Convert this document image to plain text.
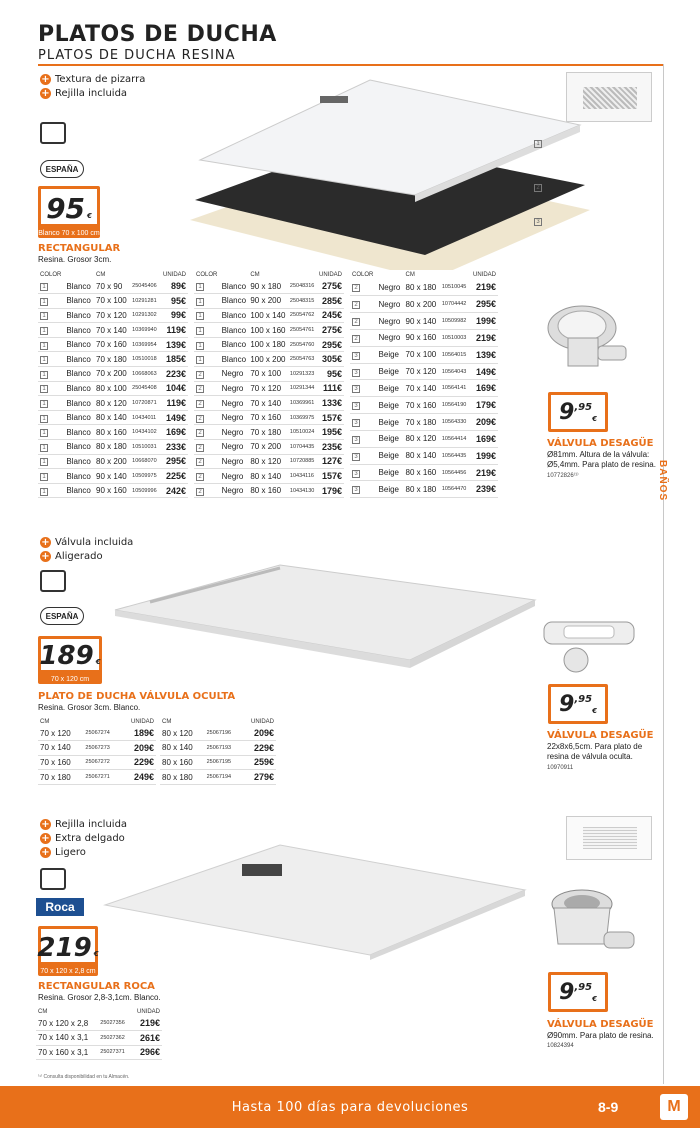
PLATOS DE DUCHA
PLATOS DE DUCHA RESINA
BAÑOS
+ Textura de pizarra
+ Rejilla incluida
ESPAÑA
1
2
3
95 €
Blanco 70 x 100 cm
RECTANGULAR
Resina. Grosor 3cm.
COLOR		CM		UNIDAD
1	Blanco	70 x 90	25045406	89€
1	Blanco	70 x 100	10291281	95€
1	Blanco	70 x 120	10291302	99€
1	Blanco	70 x 140	10369940	119€
1	Blanco	70 x 160	10369954	139€
1	Blanco	70 x 180	10510018	185€
1	Blanco	70 x 200	10668063	223€
1	Blanco	80 x 100	25045408	104€
1	Blanco	80 x 120	10720871	119€
1	Blanco	80 x 140	10434011	149€
1	Blanco	80 x 160	10434102	169€
1	Blanco	80 x 180	10510031	233€
1	Blanco	80 x 200	10668070	295€
1	Blanco	90 x 140	10509975	225€
1	Blanco	90 x 160	10509996	242€
COLOR		CM		UNIDAD
1	Blanco	90 x 180	25048316	275€
1	Blanco	90 x 200	25048315	285€
1	Blanco	100 x 140	25054762	245€
1	Blanco	100 x 160	25054761	275€
1	Blanco	100 x 180	25054760	295€
1	Blanco	100 x 200	25054763	305€
2	Negro	70 x 100	10291323	95€
2	Negro	70 x 120	10291344	111€
2	Negro	70 x 140	10369961	133€
2	Negro	70 x 160	10369975	157€
2	Negro	70 x 180	10510024	195€
2	Negro	70 x 200	10704435	235€
2	Negro	80 x 120	10720885	127€
2	Negro	80 x 140	10434116	157€
2	Negro	80 x 160	10434130	179€
COLOR		CM		UNIDAD
2	Negro	80 x 180	10510045	219€
2	Negro	80 x 200	10704442	295€
2	Negro	90 x 140	10509982	199€
2	Negro	90 x 160	10510003	219€
3	Beige	70 x 100	10564015	139€
3	Beige	70 x 120	10564043	149€
3	Beige	70 x 140	10564141	169€
3	Beige	70 x 160	10564190	179€
3	Beige	70 x 180	10564330	209€
3	Beige	80 x 120	10564414	169€
3	Beige	80 x 140	10564435	199€
3	Beige	80 x 160	10564456	219€
3	Beige	80 x 180	10564470	239€
9 ,95
€
VÁLVULA DESAGÜE
Ø81mm. Altura de la válvula:
Ø5,4mm. Para plato de resina.
10772826⁽¹⁾
+ Válvula incluida
+ Aligerado
ESPAÑA
189 €
70 x 120 cm
PLATO DE DUCHA VÁLVULA OCULTA
Resina. Grosor 3cm. Blanco.
CM		UNIDAD
70 x 120	25067274	189€
70 x 140	25067273	209€
70 x 160	25067272	229€
70 x 180	25067271	249€
CM		UNIDAD
80 x 120	25067196	209€
80 x 140	25067193	229€
80 x 160	25067195	259€
80 x 180	25067194	279€
9 ,95
€
VÁLVULA DESAGÜE
22x8x6,5cm. Para plato de
resina de válvula oculta.
10970911
+ Rejilla incluida
+ Extra delgado
+ Ligero
Roca
219 €
70 x 120 x 2,8 cm
RECTANGULAR ROCA
Resina. Grosor 2,8-3,1cm. Blanco.
CM		UNIDAD
70 x 120 x 2,8	25027356	219€
70 x 140 x 3,1	25027362	261€
70 x 160 x 3,1	25027371	296€
9 ,95
€
VÁLVULA DESAGÜE
Ø90mm. Para plato de resina.
10824394
⁽¹⁾ Consulta disponibilidad en tu Almacén.
Hasta 100 días para devoluciones	8-9	M
